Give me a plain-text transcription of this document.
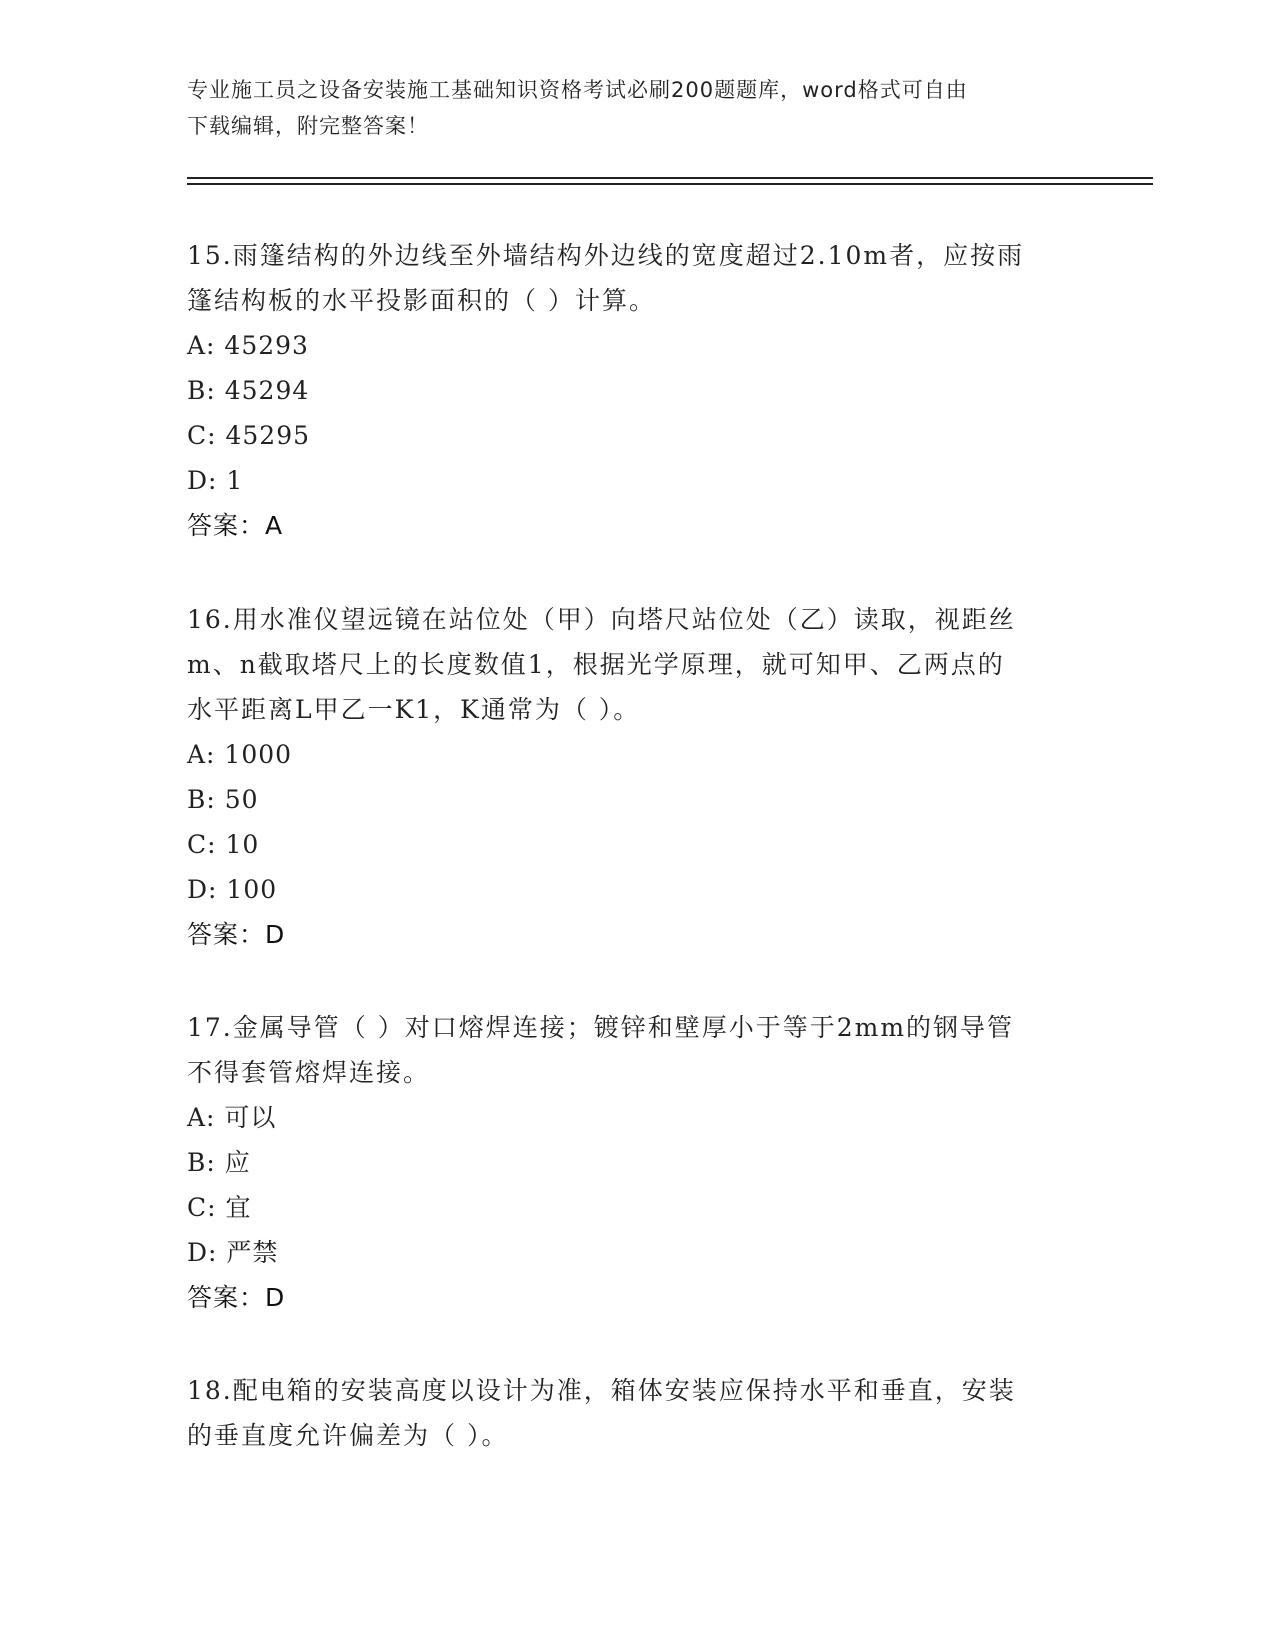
专业施工员之设备安装施工基础知识资格考试必刷200题题库，word格式可自由
下载编辑，附完整答案！

15.雨篷结构的外边线至外墙结构外边线的宽度超过2.10m者，应按雨

篷结构板的水平投影面积的（ ）计算。

A: 45293

B: 45294

C: 45295

D: 1

答案：A

16.用水准仪望远镜在站位处（甲）向塔尺站位处（乙）读取，视距丝

m、n截取塔尺上的长度数值1，根据光学原理，就可知甲、乙两点的

水平距离L甲乙一K1，K通常为（ ）。

A: 1000

B: 50

C: 10

D: 100

答案：D

17.金属导管（ ）对口熔焊连接；镀锌和壁厚小于等于2mm的钢导管

不得套管熔焊连接。

A: 可以

B: 应

C: 宜

D: 严禁

答案：D

18.配电箱的安装高度以设计为准，箱体安装应保持水平和垂直，安装

的垂直度允许偏差为（ ）。
